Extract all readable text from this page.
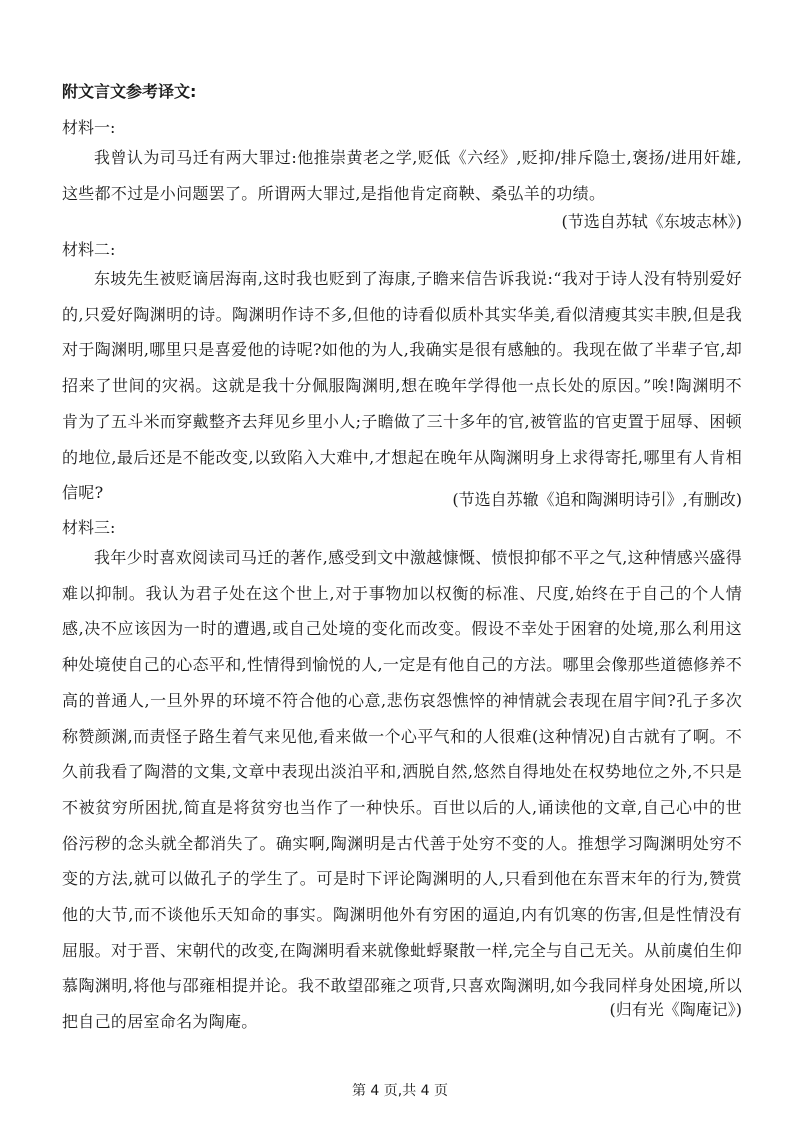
附文言文参考译文:
材料一:
我曾认为司马迁有两大罪过:他推崇黄老之学,贬低《六经》,贬抑/排斥隐士,褒扬/进用奸雄,这些都不过是小问题罢了。所谓两大罪过,是指他肯定商鞅、桑弘羊的功绩。
(节选自苏轼《东坡志林》)
材料二:
东坡先生被贬谪居海南,这时我也贬到了海康,子瞻来信告诉我说:“我对于诗人没有特别爱好的,只爱好陶渊明的诗。陶渊明作诗不多,但他的诗看似质朴其实华美,看似清瘦其实丰腴,但是我对于陶渊明,哪里只是喜爱他的诗呢?如他的为人,我确实是很有感触的。我现在做了半辈子官,却招来了世间的灾祸。这就是我十分佩服陶渊明,想在晚年学得他一点长处的原因。”唉!陶渊明不肯为了五斗米而穿戴整齐去拜见乡里小人;子瞻做了三十多年的官,被管监的官吏置于屈辱、困顿的地位,最后还是不能改变,以致陷入大难中,才想起在晚年从陶渊明身上求得寄托,哪里有人肯相信呢?	(节选自苏辙《追和陶渊明诗引》,有删改)
材料三:
我年少时喜欢阅读司马迁的著作,感受到文中激越慷慨、愤恨抑郁不平之气,这种情感兴盛得难以抑制。我认为君子处在这个世上,对于事物加以权衡的标准、尺度,始终在于自己的个人情感,决不应该因为一时的遭遇,或自己处境的变化而改变。假设不幸处于困窘的处境,那么利用这种处境使自己的心态平和,性情得到愉悦的人,一定是有他自己的方法。哪里会像那些道德修养不高的普通人,一旦外界的环境不符合他的心意,悲伤哀怨憔悴的神情就会表现在眉宇间?孔子多次称赞颜渊,而责怪子路生着气来见他,看来做一个心平气和的人很难(这种情况)自古就有了啊。不久前我看了陶潜的文集,文章中表现出淡泊平和,洒脱自然,悠然自得地处在权势地位之外,不只是不被贫穷所困扰,简直是将贫穷也当作了一种快乐。百世以后的人,诵读他的文章,自己心中的世俗污秽的念头就全都消失了。确实啊,陶渊明是古代善于处穷不变的人。推想学习陶渊明处穷不变的方法,就可以做孔子的学生了。可是时下评论陶渊明的人,只看到他在东晋末年的行为,赞赏他的大节,而不谈他乐天知命的事实。陶渊明他外有穷困的逼迫,内有饥寒的伤害,但是性情没有屈服。对于晋、宋朝代的改变,在陶渊明看来就像蚍蜉聚散一样,完全与自己无关。从前虞伯生仰慕陶渊明,将他与邵雍相提并论。我不敢望邵雍之项背,只喜欢陶渊明,如今我同样身处困境,所以把自己的居室命名为陶庵。
(归有光《陶庵记》)
第 4 页,共 4 页
